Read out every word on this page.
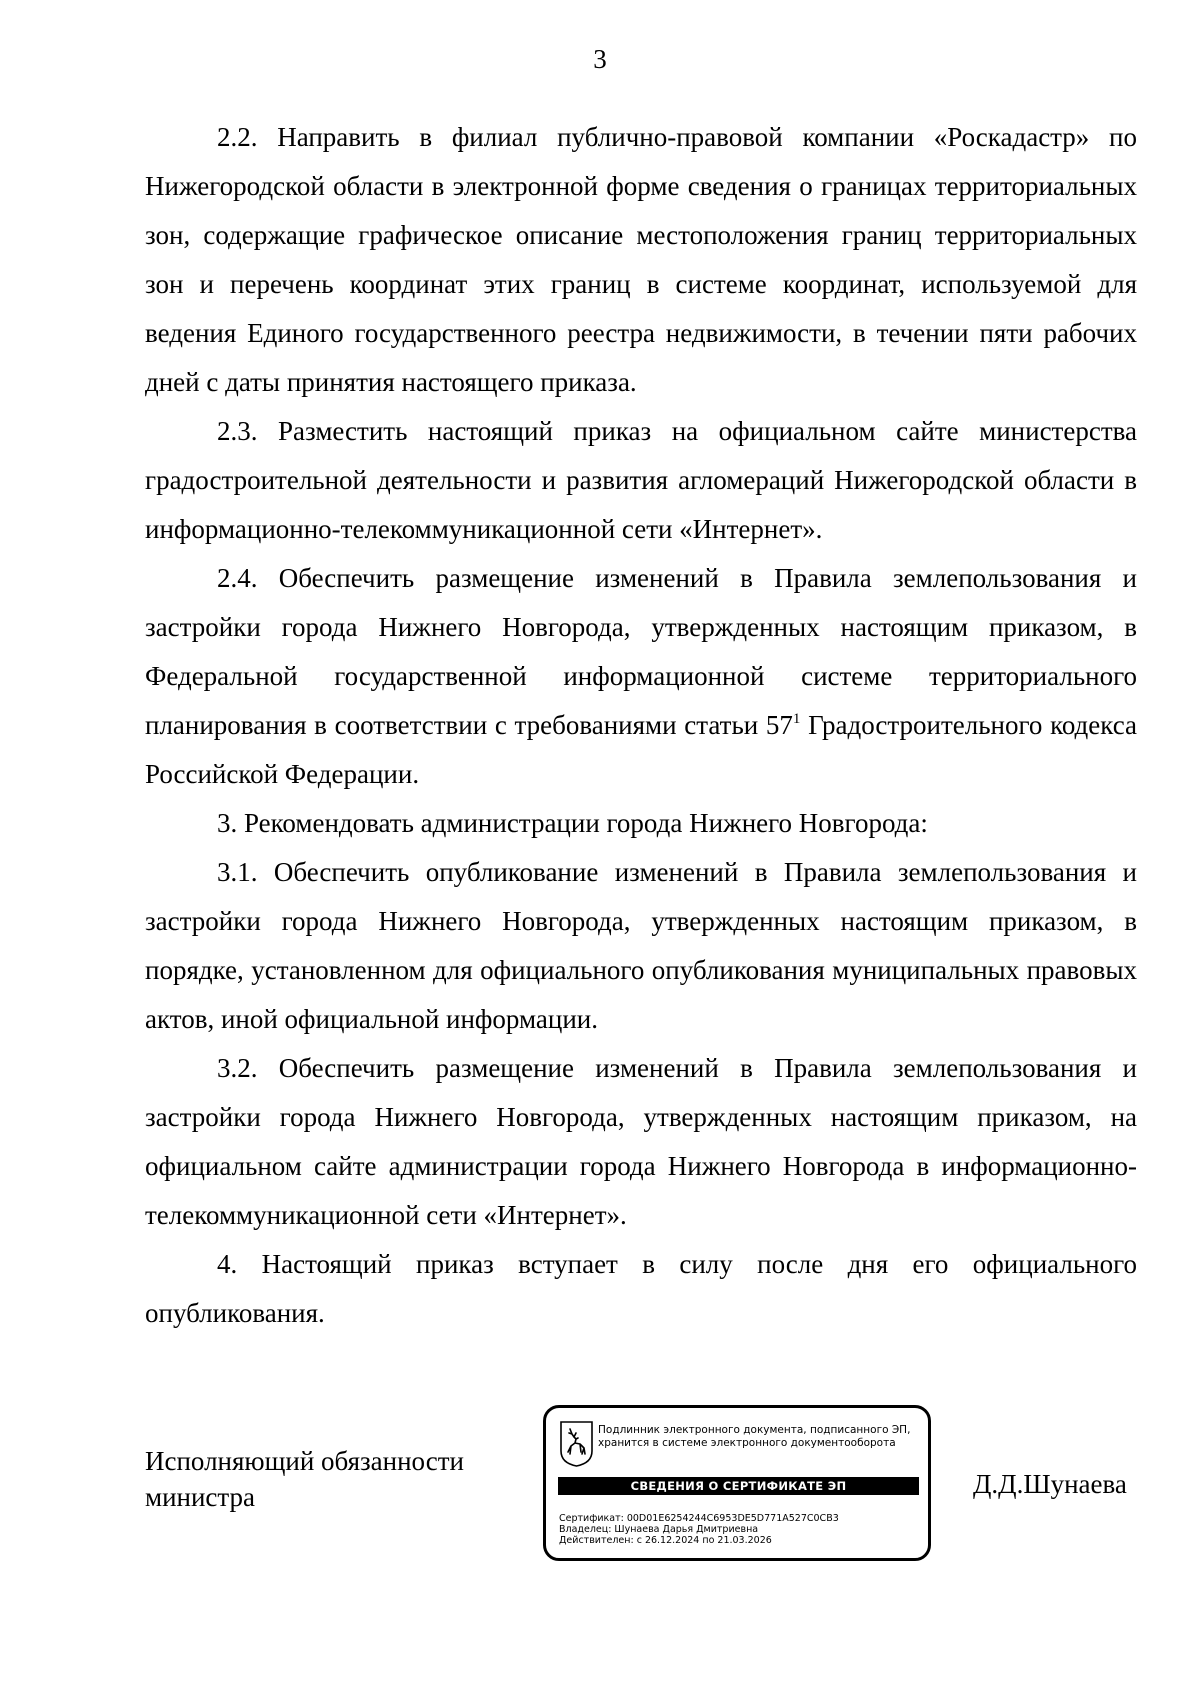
3

2.2. Направить в филиал публично-правовой компании «Роскадастр» по Нижегородской области в электронной форме сведения о границах территориальных зон, содержащие графическое описание местоположения границ территориальных зон и перечень координат этих границ в системе координат, используемой для ведения Единого государственного реестра недвижимости, в течении пяти рабочих дней с даты принятия настоящего приказа.

2.3. Разместить настоящий приказ на официальном сайте министерства градостроительной деятельности и развития агломераций Нижегородской области в информационно-телекоммуникационной сети «Интернет».

2.4. Обеспечить размещение изменений в Правила землепользования и застройки города Нижнего Новгорода, утвержденных настоящим приказом, в Федеральной государственной информационной системе территориального планирования в соответствии с требованиями статьи $57^1$ Градостроительного кодекса Российской Федерации.

3. Рекомендовать администрации города Нижнего Новгорода:

3.1. Обеспечить опубликование изменений в Правила землепользования и застройки города Нижнего Новгорода, утвержденных настоящим приказом, в порядке, установленном для официального опубликования муниципальных правовых актов, иной официальной информации.

3.2. Обеспечить размещение изменений в Правила землепользования и застройки города Нижнего Новгорода, утвержденных настоящим приказом, на официальном сайте администрации города Нижнего Новгорода в информационно-телекоммуникационной сети «Интернет».

4. Настоящий приказ вступает в силу после дня его официального опубликования.

Исполняющий обязанности
министра
Подлинник электронного документа, подписанного ЭП,
хранится в системе электронного документооборота
СВЕДЕНИЯ О СЕРТИФИКАТЕ ЭП
Сертификат: 00D01E6254244C6953DE5D771A527C0CB3
Владелец: Шунаева Дарья Дмитриевна
Действителен: с 26.12.2024 по 21.03.2026
Д.Д.Шунаева
